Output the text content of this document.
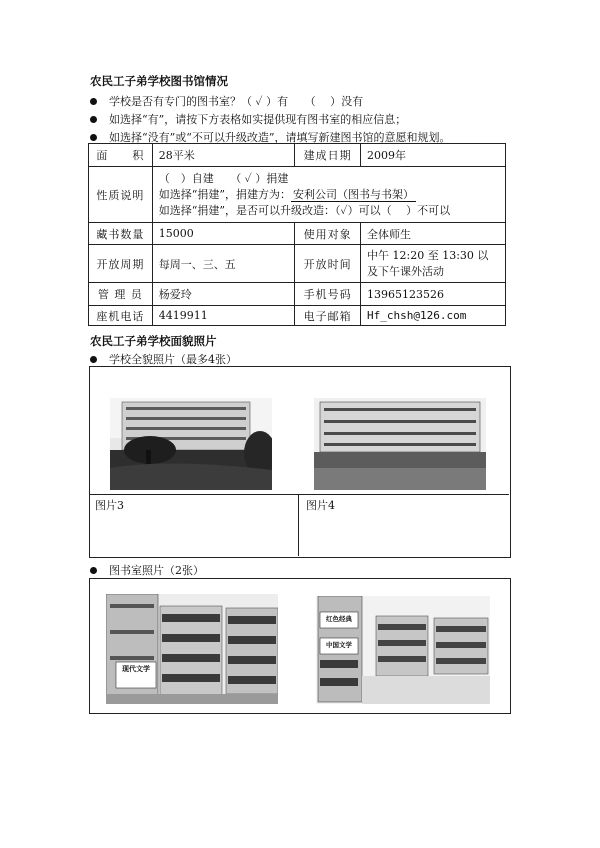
农民工子弟学校图书馆情况
学校是否有专门的图书室？（ ✓ ）有　　（　 ）没有
如选择“有”，请按下方表格如实提供现有图书室的相应信息；
如选择“没有”或“不可以升级改造”，请填写新建图书馆的意愿和规划。
面　　积	28平米	建成日期	2009年
性质说明	（　）自建　　（ ✓ ）捐建
如选择“捐建”，捐建方为： 安利公司（图书与书架）
如选择“捐建”，是否可以升级改造：（✓）可以（　 ）不可以		

藏书数量	15000	使用对象	全体师生
开放周期	每周一、三、五	开放时间	中午 12:20 至 13:30 以
及下午课外活动

管 理 员	杨爱玲	手机号码	13965123526
座机电话	4419911	电子邮箱	Hf_chsh@126.com
农民工子弟学校面貌照片
学校全貌照片（最多4张）
图片3	图片4
图书室照片（2张）
现代文学
红色经典
中国文学
